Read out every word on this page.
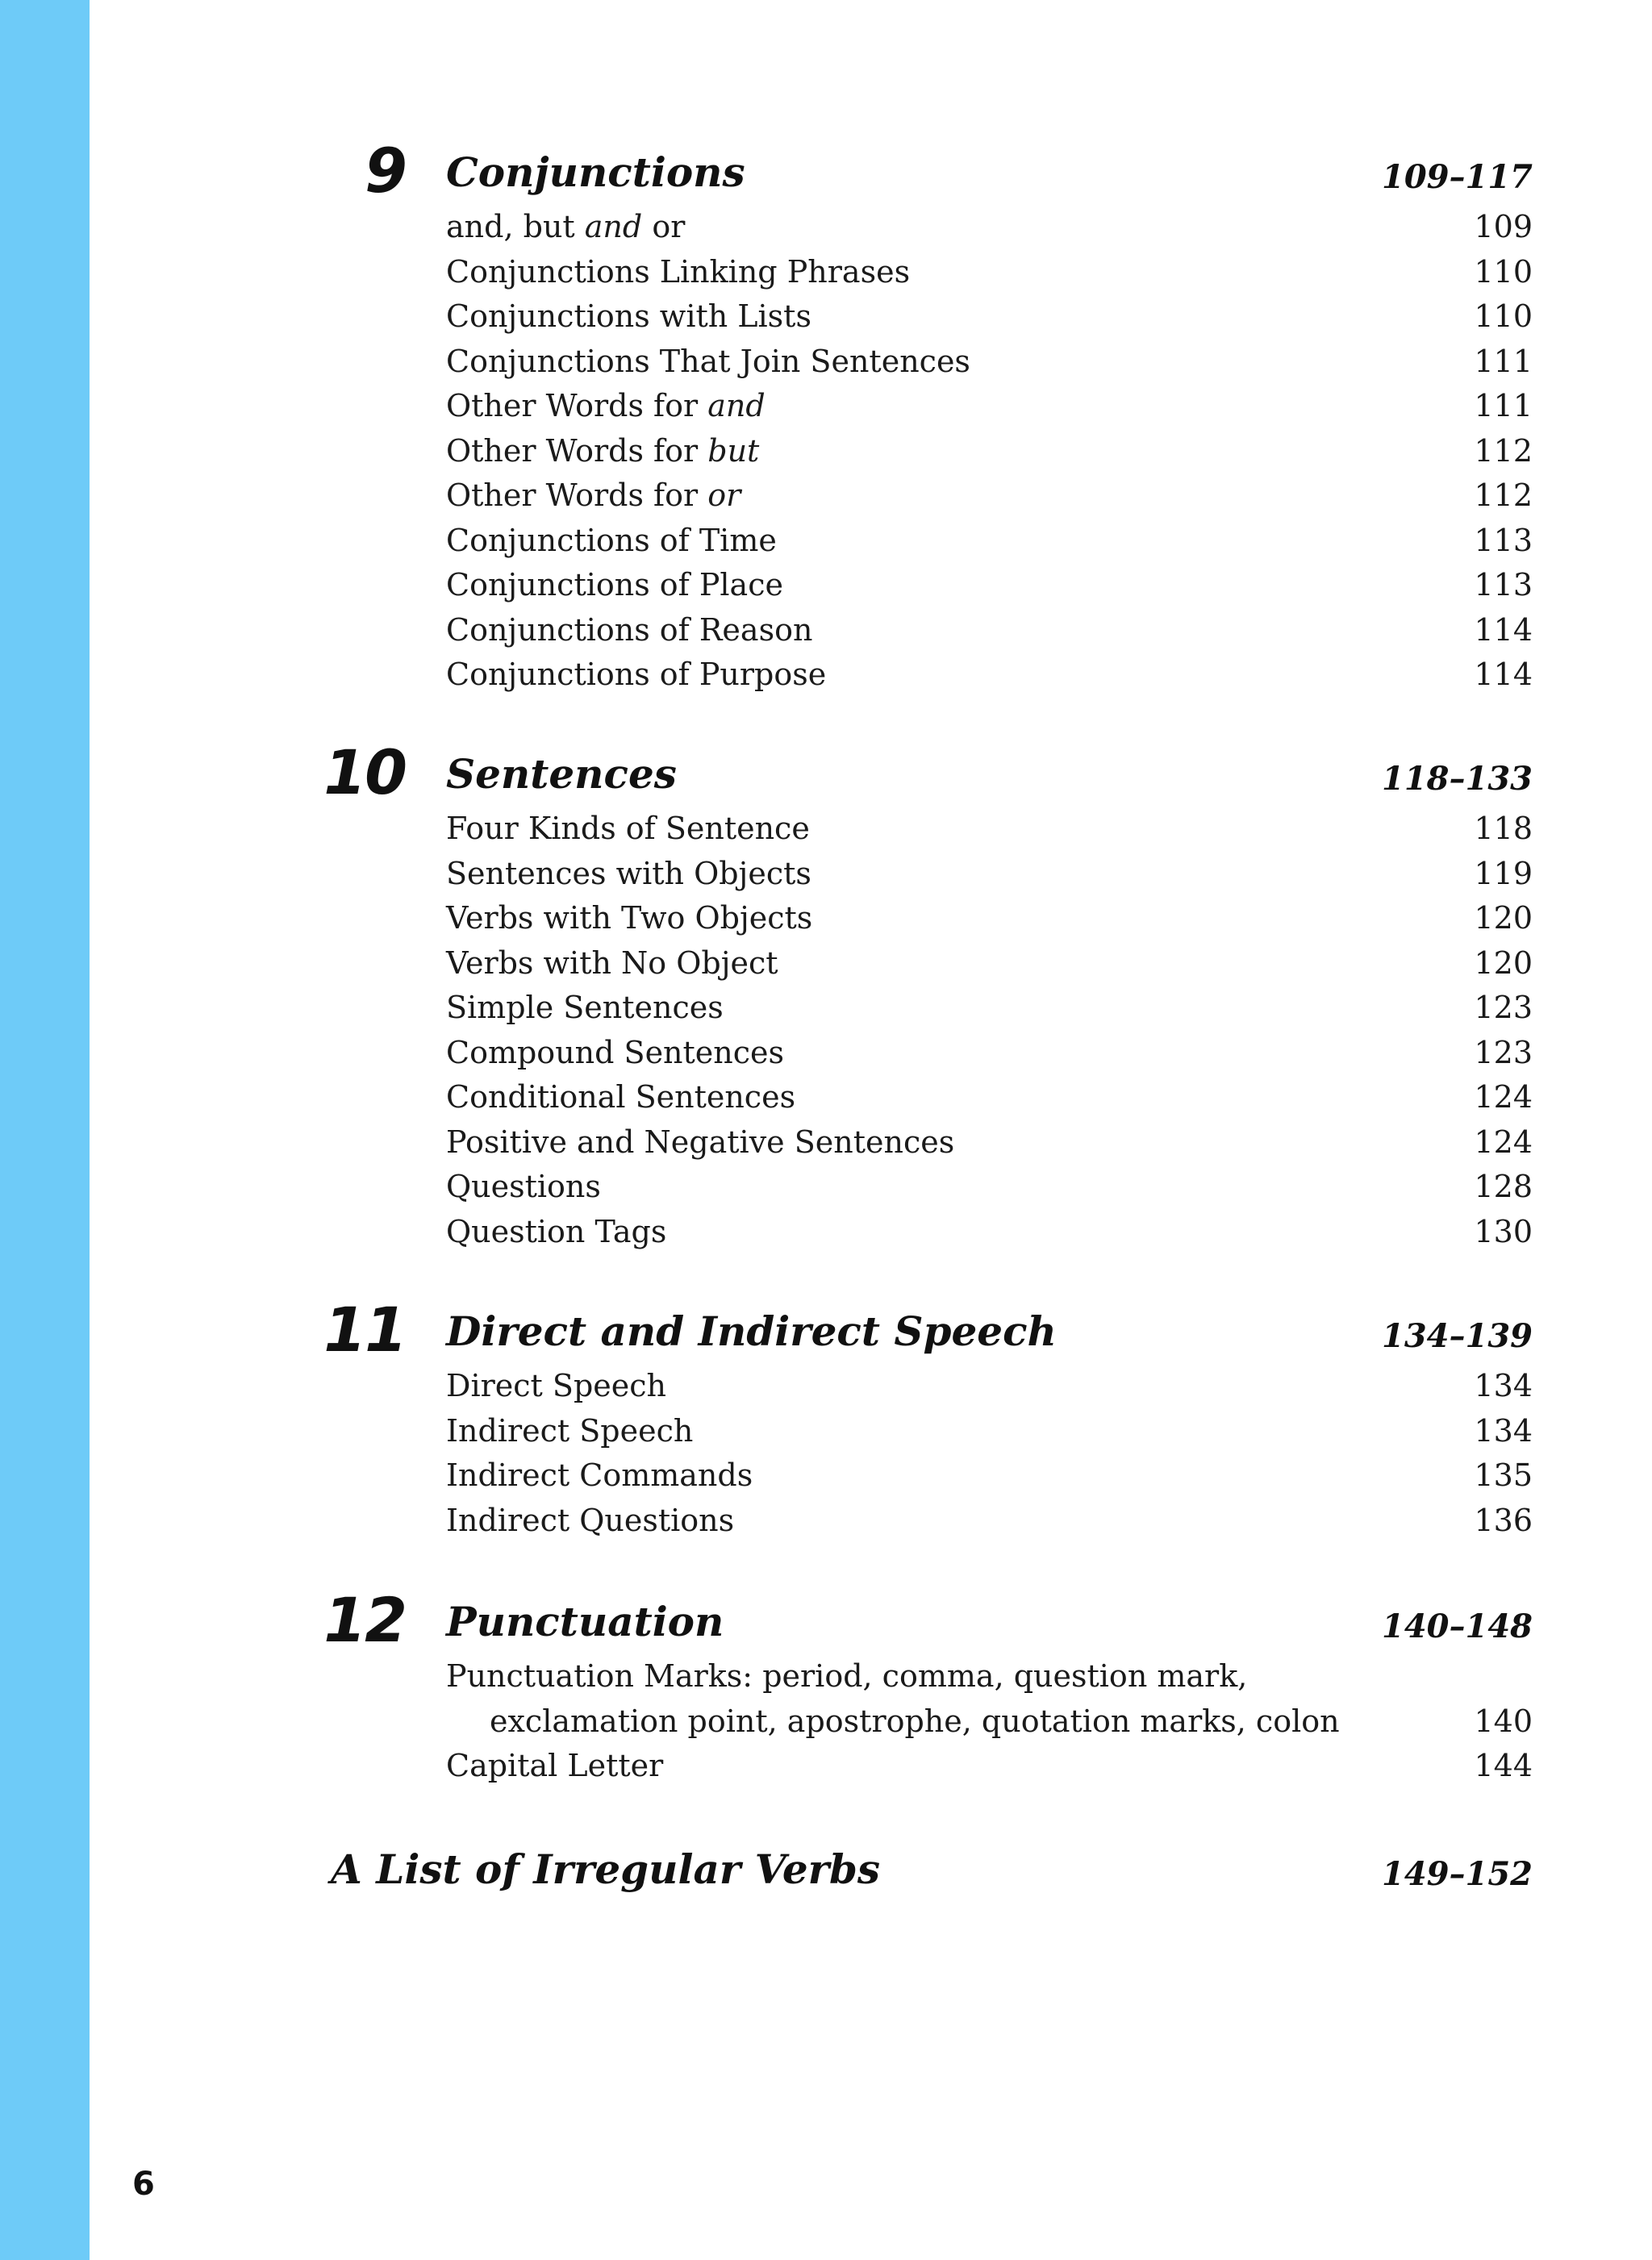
9 Conjunctions	109–117
and, but and or	109
Conjunctions Linking Phrases	110
Conjunctions with Lists	110
Conjunctions That Join Sentences	111
Other Words for and	111
Other Words for but	112
Other Words for or	112
Conjunctions of Time	113
Conjunctions of Place	113
Conjunctions of Reason	114
Conjunctions of Purpose	114
10 Sentences	118–133
Four Kinds of Sentence	118
Sentences with Objects	119
Verbs with Two Objects	120
Verbs with No Object	120
Simple Sentences	123
Compound Sentences	123
Conditional Sentences	124
Positive and Negative Sentences	124
Questions	128
Question Tags	130
11 Direct and Indirect Speech	134–139
Direct Speech	134
Indirect Speech	134
Indirect Commands	135
Indirect Questions	136
12 Punctuation	140–148
Punctuation Marks: period, comma, question mark,
exclamation point, apostrophe, quotation marks, colon	140
Capital Letter	144
A List of Irregular Verbs	149–152
6
